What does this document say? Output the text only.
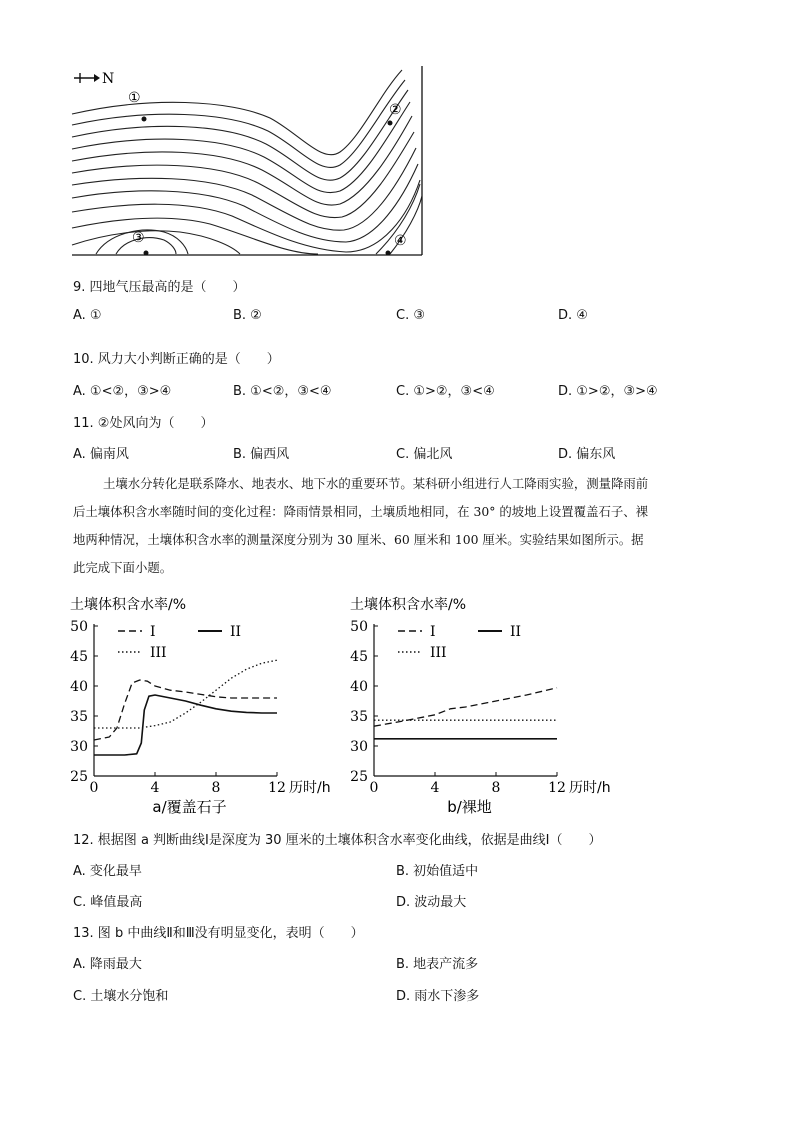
N
①
②
③	④
9. 四地气压最高的是（　　）
A. ①	B. ②	C. ③	D. ④
10. 风力大小判断正确的是（　　）
A. ①<②，③>④	B. ①<②，③<④	C. ①>②，③<④	D. ①>②，③>④
11. ②处风向为（　　）
A. 偏南风	B. 偏西风	C. 偏北风	D. 偏东风

土壤水分转化是联系降水、地表水、地下水的重要环节。某科研小组进行人工降雨实验，测量降雨前

后土壤体积含水率随时间的变化过程：降雨情景相同，土壤质地相同，在 30° 的坡地上设置覆盖石子、裸

地两种情况，土壤体积含水率的测量深度分别为 30 厘米、60 厘米和 100 厘米。实验结果如图所示。据

此完成下面小题。

土壤体积含水率/%
25
30
35
40
45
50
0	4	8	12 历时/h
a/覆盖石子
I	II
III
土壤体积含水率/%
25
30
35
40
45
50
0	4	8	12 历时/h
b/裸地
I	II
III
12. 根据图 a 判断曲线Ⅰ是深度为 30 厘米的土壤体积含水率变化曲线，依据是曲线Ⅰ（　　）
A. 变化最早	B. 初始值适中
C. 峰值最高	D. 波动最大
13. 图 b 中曲线Ⅱ和Ⅲ没有明显变化，表明（　　）
A. 降雨最大	B. 地表产流多
C. 土壤水分饱和	D. 雨水下渗多
